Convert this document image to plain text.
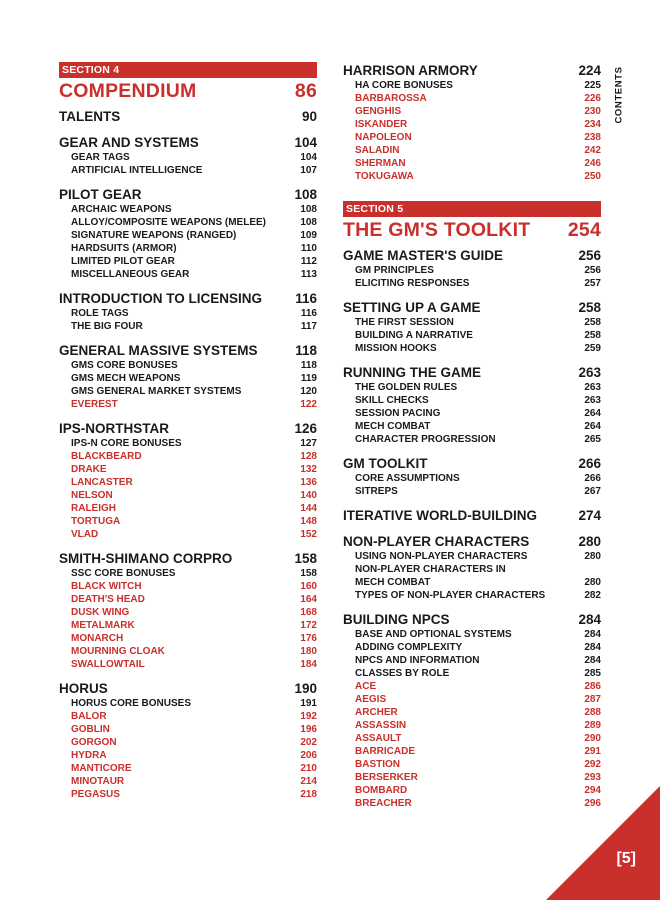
SECTION 4
COMPENDIUM	86
TALENTS	90
GEAR AND SYSTEMS	104
GEAR TAGS	104
ARTIFICIAL INTELLIGENCE	107
PILOT GEAR	108
ARCHAIC WEAPONS	108
ALLOY/COMPOSITE WEAPONS (MELEE)	108
SIGNATURE WEAPONS (RANGED)	109
HARDSUITS (ARMOR)	110
LIMITED PILOT GEAR	112
MISCELLANEOUS GEAR	113
INTRODUCTION TO LICENSING 116
ROLE TAGS	116
THE BIG FOUR	117
GENERAL MASSIVE SYSTEMS	118
GMS CORE BONUSES	118
GMS MECH WEAPONS	119
GMS GENERAL MARKET SYSTEMS	120
EVEREST	122
IPS-NORTHSTAR	126
IPS-N CORE BONUSES	127
BLACKBEARD	128
DRAKE	132
LANCASTER	136
NELSON	140
RALEIGH	144
TORTUGA	148
VLAD	152
SMITH-SHIMANO CORPRO	158
SSC CORE BONUSES	158
BLACK WITCH	160
DEATH'S HEAD	164
DUSK WING	168
METALMARK	172
MONARCH	176
MOURNING CLOAK	180
SWALLOWTAIL	184
HORUS	190
HORUS CORE BONUSES	191
BALOR	192
GOBLIN	196
GORGON	202
HYDRA	206
MANTICORE	210
MINOTAUR	214
PEGASUS	218
HARRISON ARMORY	224
HA CORE BONUSES	225
BARBAROSSA	226
GENGHIS	230
ISKANDER	234
NAPOLEON	238
SALADIN	242
SHERMAN	246
TOKUGAWA	250
SECTION 5
THE GM'S TOOLKIT 254
GAME MASTER'S GUIDE	256
GM PRINCIPLES	256
ELICITING RESPONSES	257
SETTING UP A GAME	258
THE FIRST SESSION	258
BUILDING A NARRATIVE	258
MISSION HOOKS	259
RUNNING THE GAME	263
THE GOLDEN RULES	263
SKILL CHECKS	263
SESSION PACING	264
MECH COMBAT	264
CHARACTER PROGRESSION	265
GM TOOLKIT	266
CORE ASSUMPTIONS	266
SITREPS	267
ITERATIVE WORLD-BUILDING	274
NON-PLAYER CHARACTERS	280
USING NON-PLAYER CHARACTERS	280
NON-PLAYER CHARACTERS IN
MECH COMBAT	280
TYPES OF NON-PLAYER CHARACTERS	282
BUILDING NPCS	284
BASE AND OPTIONAL SYSTEMS	284
ADDING COMPLEXITY	284
NPCS AND INFORMATION	284
CLASSES BY ROLE	285
ACE	286
AEGIS	287
ARCHER	288
ASSASSIN	289
ASSAULT	290
BARRICADE	291
BASTION	292
BERSERKER	293
BOMBARD	294
BREACHER	296
CONTENTS
[5]
